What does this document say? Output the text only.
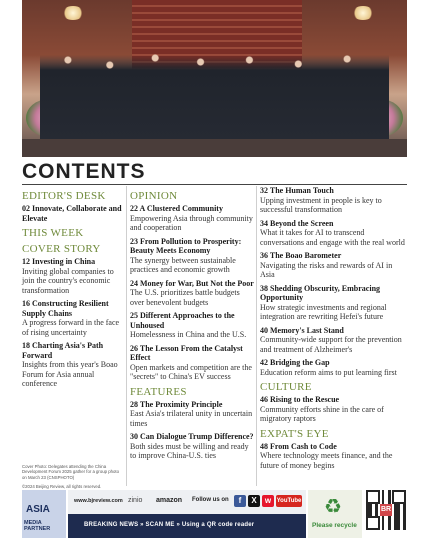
CONTENTS
EDITOR'S DESK
02 Innovate, Collaborate and Elevate
THIS WEEK
COVER STORY
12 Investing in China
Inviting global companies to join the country's economic transformation
16 Constructing Resilient Supply Chains
A progress forward in the face of rising uncertainty
18 Charting Asia's Path Forward
Insights from this year's Boao Forum for Asia annual conference
OPINION
22 A Clustered Community
Empowering Asia through community and cooperation
23 From Pollution to Prosperity: Beauty Meets Economy
The synergy between sustainable practices and economic growth
24 Money for War, But Not the Poor
The U.S. prioritizes battle budgets over benevolent budgets
25 Different Approaches to the Unhoused
Homelessness in China and the U.S.
26 The Lesson From the Catalyst Effect
Open markets and competition are the "secrets" to China's EV success
FEATURES
28 The Proximity Principle
East Asia's trilateral unity in uncertain times
30 Can Dialogue Trump Difference?
Both sides must be willing and ready to improve China-U.S. ties
32 The Human Touch
Upping investment in people is key to successful transformation
34 Beyond the Screen
What it takes for AI to transcend conversations and engage with the real world
36 The Boao Barometer
Navigating the risks and rewards of AI in Asia
38 Shedding Obscurity, Embracing Opportunity
How strategic investments and regional integration are rewriting Hefei's future
40 Memory's Last Stand
Community-wide support for the prevention and treatment of Alzheimer's
42 Bridging the Gap
Education reform aims to put learning first
CULTURE
46 Rising to the Rescue
Community efforts shine in the care of migratory raptors
EXPAT'S EYE
48 From Cash to Code
Where technology meets finance, and the future of money begins
Cover Photo: Delegates attending the China Development Forum 2025 gather for a group photo on March 23 (CNSPHOTO)
©2024 Beijing Review, all rights reserved.
ASIA
MEDIA PARTNER
www.bjreview.com zinio amazon Follow us on	f	X	w YouTube
BREAKING NEWS » SCAN ME » Using a QR code reader
♻
Please recycle
BR
